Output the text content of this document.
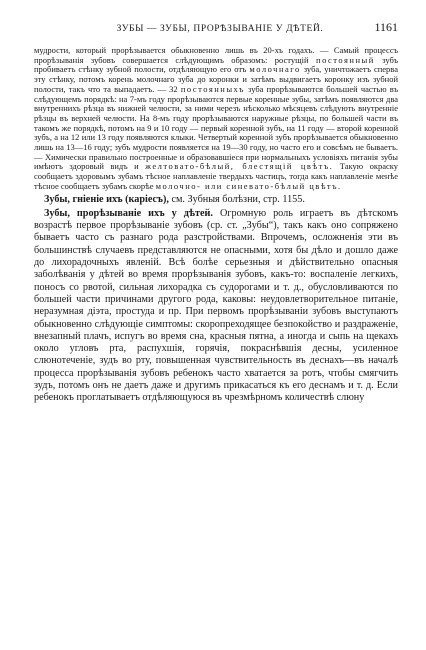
ЗУБЫ — ЗУБЫ, ПРОРѢЗЫВАНІЕ У ДѢТЕЙ.	1161

мудрости, который прорѣзывается обыкновенно лишь въ 20-хъ годахъ. — Самый процессъ прорѣзыванія зубовъ совершается слѣдующимъ образомъ: ростущій постоянный зубъ пробиваетъ стѣнку зубной полости, отдѣляющую его отъ молочнаго зуба, уничтожаетъ сперва эту стѣнку, потомъ корень молочнаго зуба до коронки и затѣмъ выдвигаетъ коронку изъ зубной полости, такъ что та выпадаетъ. — 32 постоянныхъ зуба прорѣзываются большей частью въ слѣдующемъ порядкѣ: на 7-мъ году прорѣзываются первые коренные зубы, затѣмъ появляются два внутреннихъ рѣзца въ нижней челюсти, за ними черезъ нѣсколько мѣсяцевъ слѣдують внутренніе рѣзцы въ верхней челюсти. На 8-мъ году прорѣзываются наружные рѣзцы, по большей части въ такомъ же порядкѣ, потомъ на 9 и 10 году — первый коренной зубъ, на 11 году — второй коренной зубъ, а на 12 или 13 году появляются клыки. Четвертый коренной зубъ прорѣзывается обыкновенно лишь на 13—16 году; зубъ мудрости появляется на 19—30 году, но часто его и совсѣмъ не бываетъ. — Химически правильно построенные и образовавшіеся при нормальныхъ условіяхъ питанія зубы имѣютъ здоровый видъ и желтовато-бѣлый, блестящій цвѣтъ. Такую окраску сообщаетъ здоровымъ зубамъ тѣсное наплавленіе твердыхъ частицъ, тогда какъ наплавленіе менѣе тѣсное сообщаетъ зубамъ скорѣе молочно- или синевато-бѣлый цвѣтъ.

Зубы, гніеніе ихъ (каріесъ), см. Зубныя болѣзни, стр. 1155.

Зубы, прорѣзываніе ихъ у дѣтей. Огромную роль играетъ въ дѣтскомъ возрастѣ первое прорѣзываніе зубовъ (ср. ст. „Зубы“), такъ какъ оно сопряжено бываетъ часто съ разнаго рода разстройствами. Впрочемъ, осложненія эти въ большинствѣ случаевъ представляются не опасными, хотя бы дѣло и дошло даже до лихорадочныхъ явленій. Всѣ болѣе серьезныя и дѣйствительно опасныя заболѣванія у дѣтей во время прорѣзыванія зубовъ, какъ-то: воспаленіе легкихъ, поносъ со рвотой, сильная лихорадка съ судорогами и т. д., обусловливаются по большей части причинами другого рода, каковы: неудовлетворительное питаніе, неразумная діэта, простуда и пр. При первомъ прорѣзываніи зубовъ выступаютъ обыкновенно слѣдующіе симптомы: скоропреходящее безпокойство и раздраженіе, внезапный плачъ, испугъ во время сна, красныя пятна, а иногда и сыпь на щекахъ около угловъ рта, распухшія, горячія, покраснѣвшія десны, усиленное слюнотеченіе, зудъ во рту, повышенная чувствительность въ деснахъ—въ началѣ процесса прорѣзыванія зубовъ ребенокъ часто хватается за ротъ, чтобы смягчить зудъ, потомъ онъ не даетъ даже и другимъ прикасаться къ его деснамъ и т. д. Если ребенокъ проглатываетъ отдѣляющуюся въ чрезмѣрномъ количествѣ слюну
